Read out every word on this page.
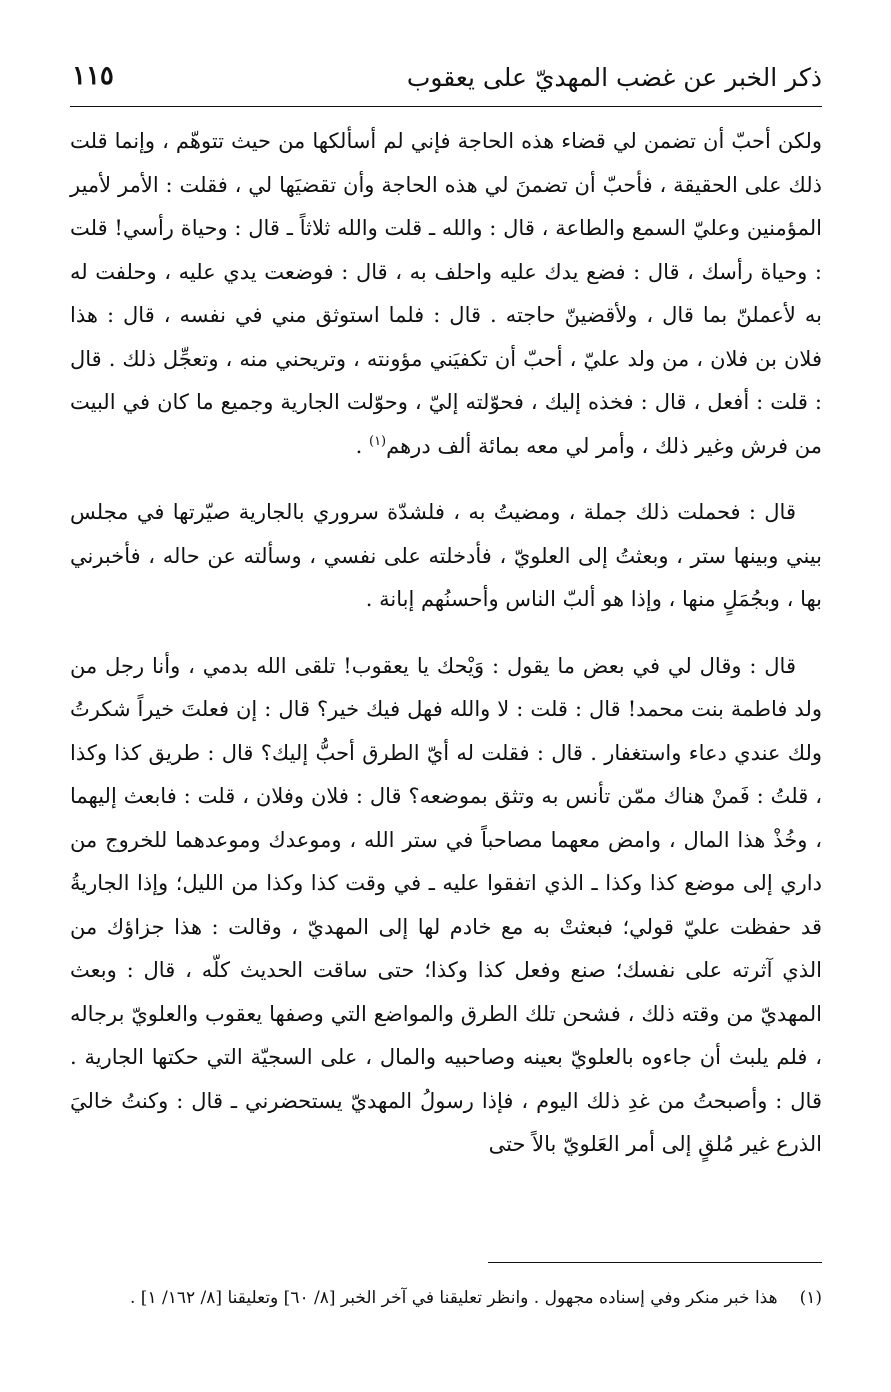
ذكر الخبر عن غضب المهديّ على يعقوب
١١٥

ولكن أحبّ أن تضمن لي قضاء هذه الحاجة فإني لم أسألكها من حيث تتوهّم ، وإنما قلت ذلك على الحقيقة ، فأحبّ أن تضمنَ لي هذه الحاجة وأن تقضيَها لي ، فقلت : الأمر لأمير المؤمنين وعليّ السمع والطاعة ، قال : والله ـ قلت والله ثلاثاً ـ قال : وحياة رأسي! قلت : وحياة رأسك ، قال : فضع يدك عليه واحلف به ، قال : فوضعت يدي عليه ، وحلفت له به لأعملنّ بما قال ، ولأقضينّ حاجته . قال : فلما استوثق مني في نفسه ، قال : هذا فلان بن فلان ، من ولد عليّ ، أحبّ أن تكفيَني مؤونته ، وتريحني منه ، وتعجِّل ذلك . قال : قلت : أفعل ، قال : فخذه إليك ، فحوّلته إليّ ، وحوّلت الجارية وجميع ما كان في البيت من فرش وغير ذلك ، وأمر لي معه بمائة ألف درهم$^{(١)}$ .

قال : فحملت ذلك جملة ، ومضيتُ به ، فلشدّة سروري بالجارية صيّرتها في مجلس بيني وبينها ستر ، وبعثتُ إلى العلويّ ، فأدخلته على نفسي ، وسألته عن حاله ، فأخبرني بها ، وبجُمَلٍ منها ، وإذا هو ألبّ الناس وأحسنُهم إبانة .

قال : وقال لي في بعض ما يقول : وَيْحك يا يعقوب! تلقى الله بدمي ، وأنا رجل من ولد فاطمة بنت محمد! قال : قلت : لا والله فهل فيك خير؟ قال : إن فعلتَ خيراً شكرتُ ولك عندي دعاء واستغفار . قال : فقلت له أيّ الطرق أحبُّ إليك؟ قال : طريق كذا وكذا ، قلتُ : فَمنْ هناك ممّن تأنس به وتثق بموضعه؟ قال : فلان وفلان ، قلت : فابعث إليهما ، وخُذْ هذا المال ، وامض معهما مصاحباً في ستر الله ، وموعدك وموعدهما للخروج من داري إلى موضع كذا وكذا ـ الذي اتفقوا عليه ـ في وقت كذا وكذا من الليل؛ وإذا الجاريةُ قد حفظت عليّ قولي؛ فبعثتْ به مع خادم لها إلى المهديّ ، وقالت : هذا جزاؤك من الذي آثرته على نفسك؛ صنع وفعل كذا وكذا؛ حتى ساقت الحديث كلّه ، قال : وبعث المهديّ من وقته ذلك ، فشحن تلك الطرق والمواضع التي وصفها يعقوب والعلويّ برجاله ، فلم يلبث أن جاءوه بالعلويّ بعينه وصاحبيه والمال ، على السجيّة التي حكتها الجارية . قال : وأصبحتُ من غدِ ذلك اليوم ، فإذا رسولُ المهديّ يستحضرني ـ قال : وكنتُ خاليَ الذرع غير مُلقٍ إلى أمر العَلويّ بالاً حتى

(١)هذا خبر منكر وفي إسناده مجهول . وانظر تعليقنا في آخر الخبر [٨/ ٦٠] وتعليقنا [٨/ ١٦٢/ ١] .
